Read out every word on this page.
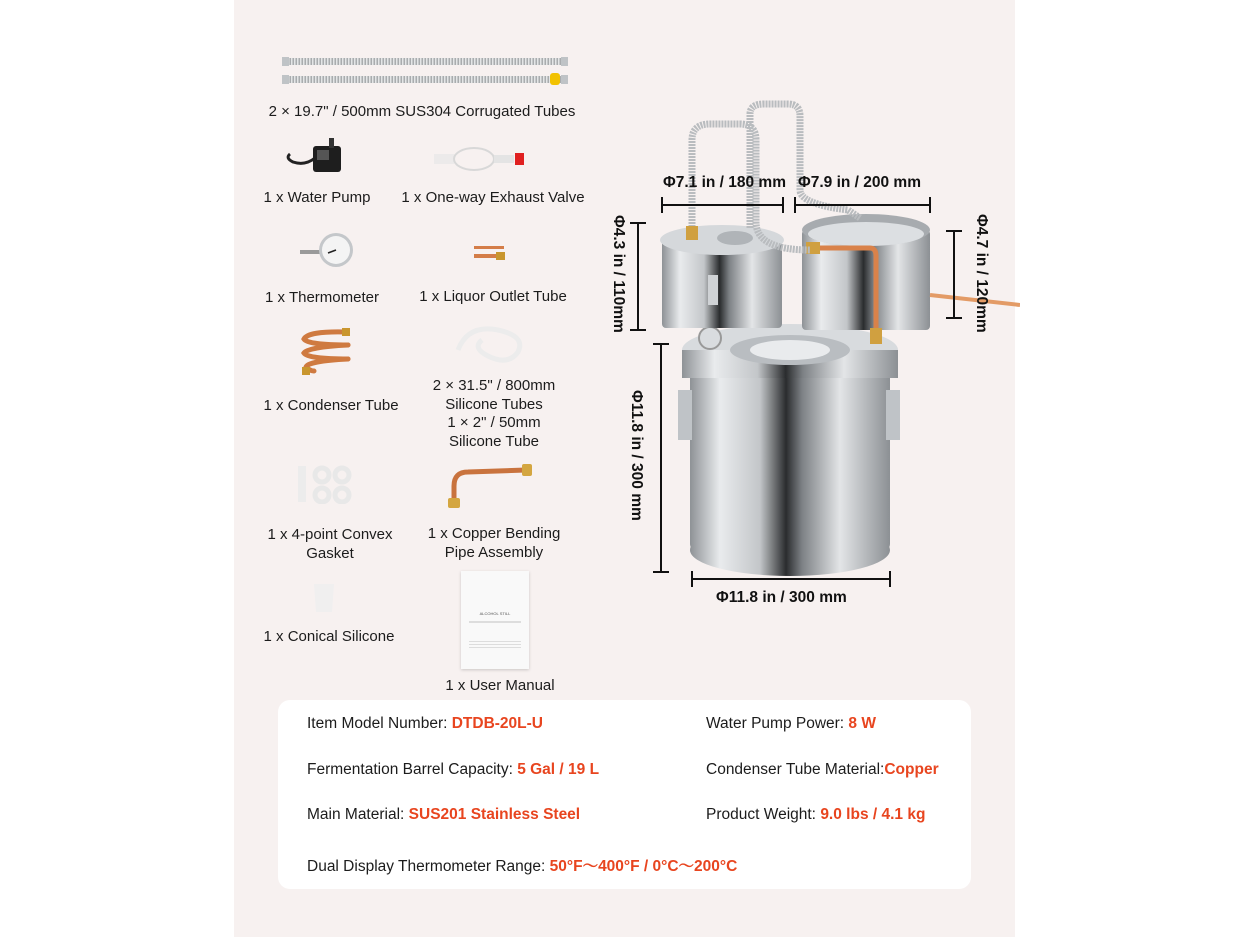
2 × 19.7" / 500mm SUS304 Corrugated Tubes
1 x Water Pump 1 x One-way Exhaust Valve
1 x Thermometer	1 x Liquor Outlet Tube
1 x Condenser Tube
2 × 31.5" / 800mm
Silicone Tubes
1 × 2" / 50mm
Silicone Tube
1 x 4-point Convex
Gasket
1 x Copper Bending
Pipe Assembly
1 x Conical Silicone
ALCOHOL STILL
1 x User Manual
Φ7.1 in / 180 mm Φ7.9 in / 200 mm
Φ4.3 in / 110mm	Φ4.7 in / 120mm
Φ11.8 in / 300 mm
Φ11.8 in / 300 mm
Item Model Number: DTDB-20L-U
Fermentation Barrel Capacity: 5 Gal / 19 L
Main Material: SUS201 Stainless Steel
Dual Display Thermometer Range: 50°F～400°F / 0°C～200°C
Water Pump Power: 8 W
Condenser Tube Material:Copper
Product Weight: 9.0 lbs / 4.1 kg
